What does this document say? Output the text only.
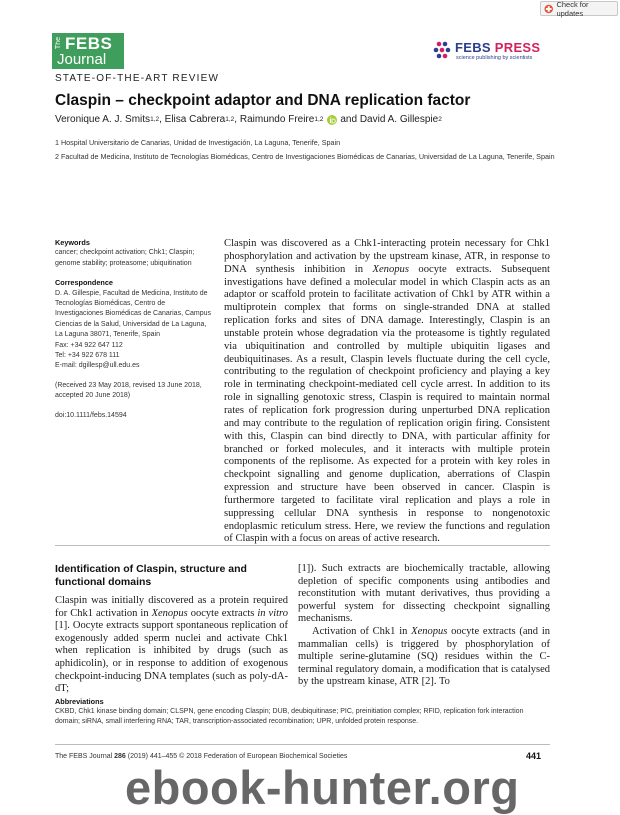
Check for updates
The FEBS
Journal
FEBS PRESS
science publishing by scientists
STATE-OF-THE-ART REVIEW
Claspin – checkpoint adaptor and DNA replication factor
Veronique A. J. Smits 1,2 , Elisa Cabrera 1,2 , Raimundo Freire 1,2 and David A. Gillespie 2

1 Hospital Universitario de Canarias, Unidad de Investigación, La Laguna, Tenerife, Spain

2 Facultad de Medicina, Instituto de Tecnologías Biomédicas, Centro de Investigaciones Biomédicas de Canarias, Universidad de La Laguna, Tenerife, Spain

Keywords
cancer; checkpoint activation; Chk1; Claspin; genome stability; proteasome; ubiquitination
Correspondence
D. A. Gillespie, Facultad de Medicina, Instituto de Tecnologías Biomédicas, Centro de Investigaciones Biomédicas de Canarias, Campus Ciencias de la Salud, Universidad de La Laguna, La Laguna 38071, Tenerife, Spain
Fax: +34 922 647 112
Tel: +34 922 678 111
E-mail: dgillesp@ull.edu.es
(Received 23 May 2018, revised 13 June 2018, accepted 20 June 2018)
doi:10.1111/febs.14594
Claspin was discovered as a Chk1-interacting protein necessary for Chk1 phosphorylation and activation by the upstream kinase, ATR, in response to DNA synthesis inhibition in Xenopus oocyte extracts. Subsequent investigations have defined a molecular model in which Claspin acts as an adaptor or scaffold protein to facilitate activation of Chk1 by ATR within a multiprotein complex that forms on single-stranded DNA at stalled replication forks and sites of DNA damage. Interestingly, Claspin is an unstable protein whose degradation via the proteasome is tightly regulated via ubiquitination and controlled by multiple ubiquitin ligases and deubiquitinases. As a result, Claspin levels fluctuate during the cell cycle, contributing to the regulation of checkpoint proficiency and playing a key role in terminating checkpoint-mediated cell cycle arrest. In addition to its role in signalling genotoxic stress, Claspin is required to maintain normal rates of replication fork progression during unperturbed DNA replication and may contribute to the regulation of replication origin firing. Consistent with this, Claspin can bind directly to DNA, with particular affinity for branched or forked molecules, and it interacts with multiple protein components of the replisome. As expected for a protein with key roles in checkpoint signalling and genome duplication, aberrations of Claspin expression and structure have been observed in cancer. Claspin is furthermore targeted to facilitate viral replication and plays a role in suppressing cellular DNA synthesis in response to nongenotoxic endoplasmic reticulum stress. Here, we review the functions and regulation of Claspin with a focus on areas of active research.
Identification of Claspin, structure and functional domains

Claspin was initially discovered as a protein required for Chk1 activation in Xenopus oocyte extracts in vitro [1]. Oocyte extracts support spontaneous replication of exogenously added sperm nuclei and activate Chk1 when replication is inhibited by drugs (such as aphidicolin), or in response to addition of exogenous checkpoint-inducing DNA templates (such as poly-dA-dT;

[1]). Such extracts are biochemically tractable, allowing depletion of specific components using antibodies and reconstitution with mutant derivatives, thus providing a powerful system for dissecting checkpoint signalling mechanisms.

Activation of Chk1 in Xenopus oocyte extracts (and in mammalian cells) is triggered by phosphorylation of multiple serine-glutamine (SQ) residues within the C-terminal regulatory domain, a modification that is catalysed by the upstream kinase, ATR [2]. To

Abbreviations
CKBD, Chk1 kinase binding domain; CLSPN, gene encoding Claspin; DUB, deubiquitinase; PIC, preinitiation complex; RFID, replication fork interaction domain; siRNA, small interfering RNA; TAR, transcription-associated recombination; UPR, unfolded protein response.
The FEBS Journal 286 (2019) 441–455 © 2018 Federation of European Biochemical Societies	441
ebook-hunter.org
